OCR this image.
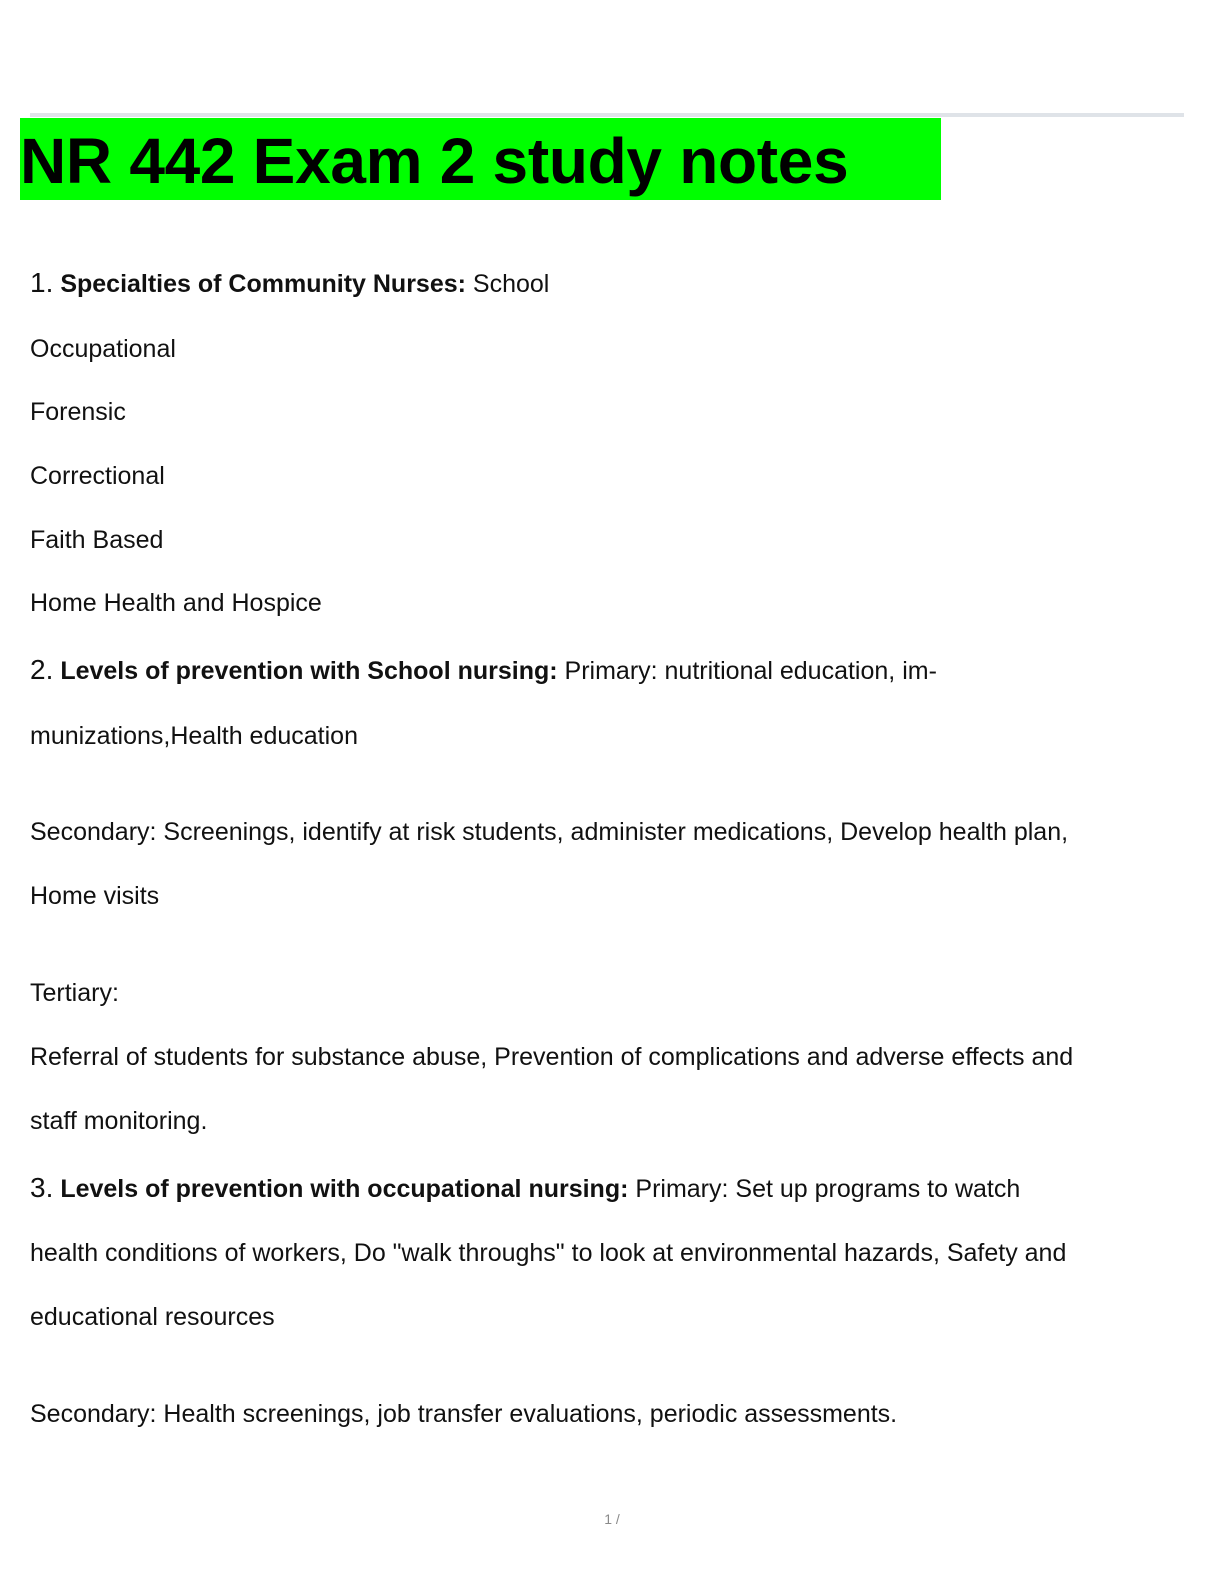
NR 442 Exam 2 study notes
1. Specialties of Community Nurses: School
Occupational
Forensic
Correctional
Faith Based
Home Health and Hospice
2. Levels of prevention with School nursing: Primary: nutritional education, im-
munizations,Health education
Secondary: Screenings, identify at risk students, administer medications, Develop health plan,
Home visits
Tertiary:
Referral of students for substance abuse, Prevention of complications and adverse effects and
staff monitoring.
3. Levels of prevention with occupational nursing: Primary: Set up programs to watch
health conditions of workers, Do "walk throughs" to look at environmental hazards, Safety and
educational resources
Secondary: Health screenings, job transfer evaluations, periodic assessments.
1 /
